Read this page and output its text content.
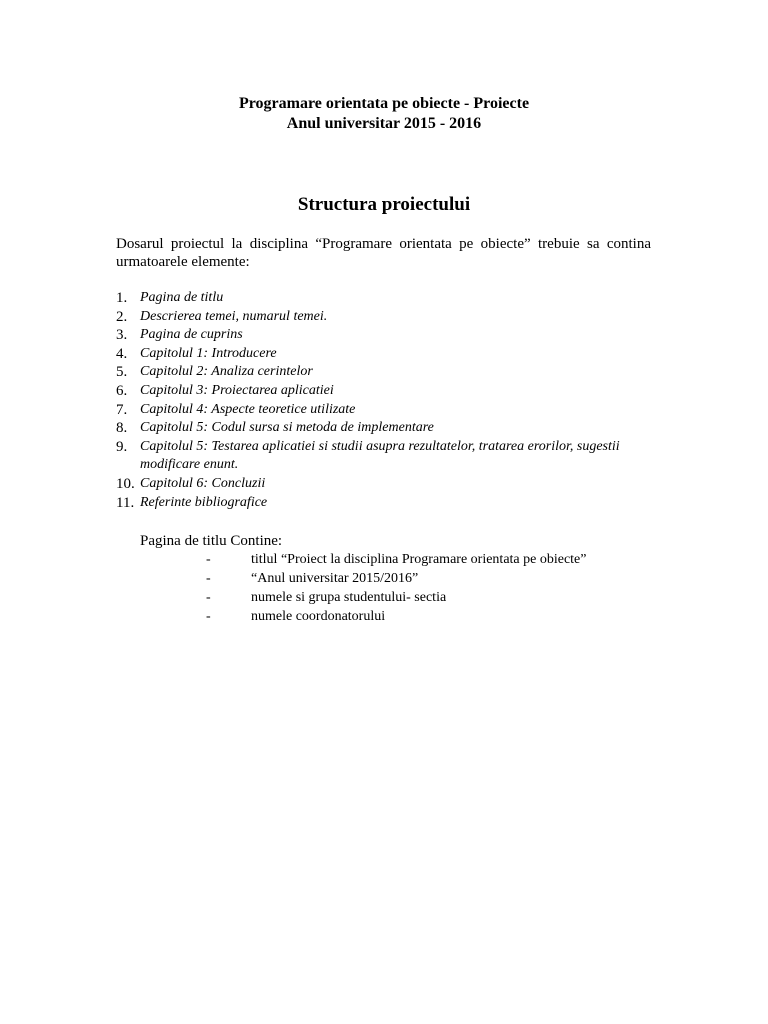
Programare orientata pe obiecte - Proiecte
Anul universitar 2015 - 2016
Structura proiectului

Dosarul proiectul la disciplina “Programare orientata pe obiecte” trebuie sa contina urmatoarele elemente:

1. Pagina de titlu
2. Descrierea temei, numarul temei.
3. Pagina de cuprins
4. Capitolul 1: Introducere
5. Capitolul 2: Analiza cerintelor
6. Capitolul 3: Proiectarea aplicatiei
7. Capitolul 4: Aspecte teoretice utilizate
8. Capitolul 5: Codul sursa si metoda de implementare
9. Capitolul 5: Testarea aplicatiei si studii asupra rezultatelor, tratarea erorilor, sugestii modificare enunt.
10. Capitolul 6: Concluzii
11. Referinte bibliografice
Pagina de titlu Contine:
-	titlul “Proiect la disciplina Programare orientata pe obiecte”
-	“Anul universitar 2015/2016”
-	numele si grupa studentului- sectia
-	numele coordonatorului
